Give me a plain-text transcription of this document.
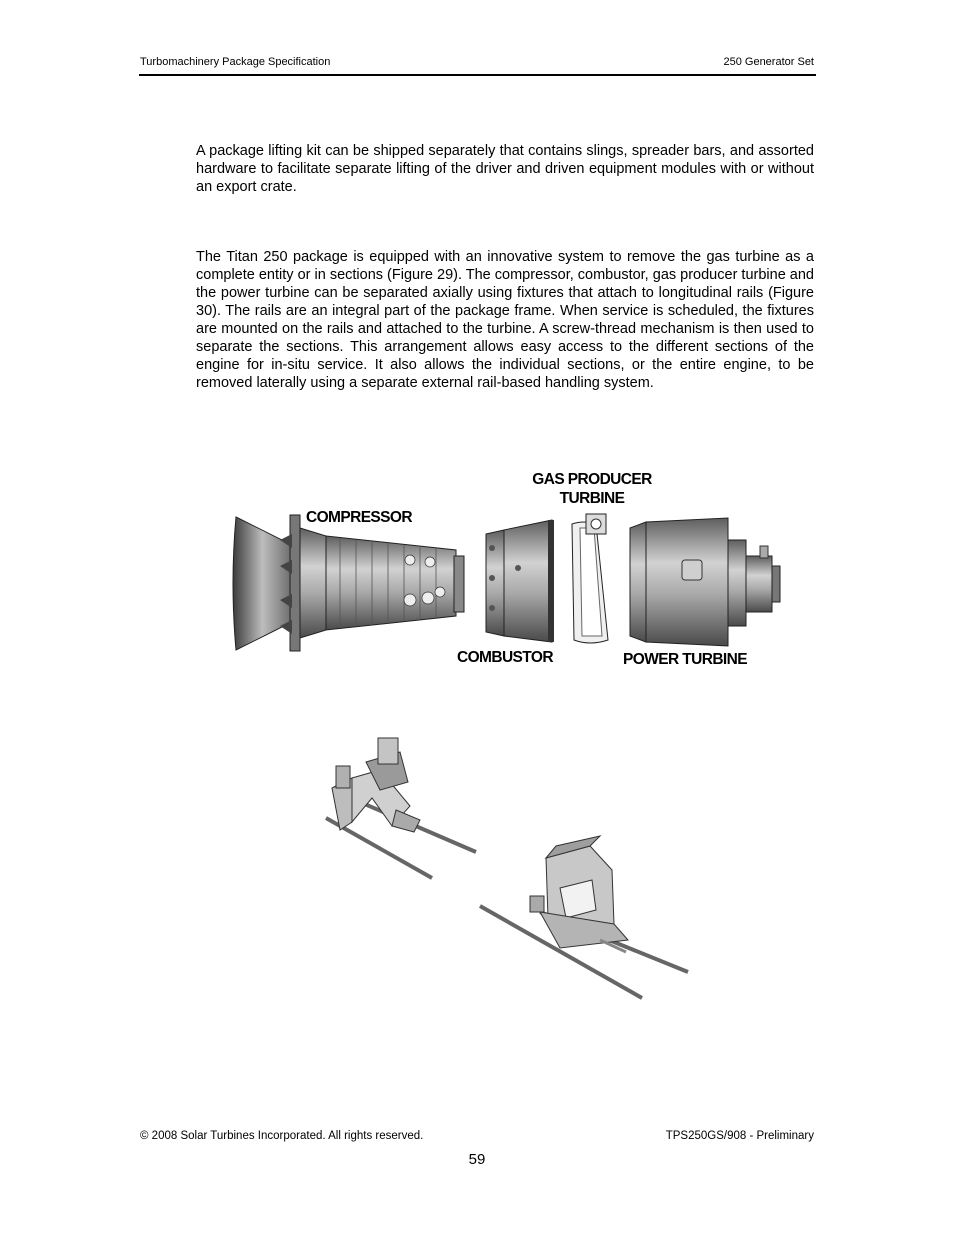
Turbomachinery Package Specification	250 Generator Set

A package lifting kit can be shipped separately that contains slings, spreader bars, and assorted hardware to facilitate separate lifting of the driver and driven equipment modules with or without an export crate.

The Titan 250 package is equipped with an innovative system to remove the gas turbine as a complete entity or in sections (Figure 29). The compressor, combustor, gas producer turbine and the power turbine can be separated axially using fixtures that attach to longitudinal rails (Figure 30). The rails are an integral part of the package frame. When service is scheduled, the fixtures are mounted on the rails and attached to the turbine. A screw-thread mechanism is then used to separate the sections. This arrangement allows easy access to the different sections of the engine for in-situ service. It also allows the individual sections, or the entire engine, to be removed laterally using a separate external rail-based handling system.

COMPRESSOR
GAS PRODUCER
TURBINE
COMBUSTOR	POWER TURBINE
© 2008 Solar Turbines Incorporated. All rights reserved.	TPS250GS/908 - Preliminary
59
